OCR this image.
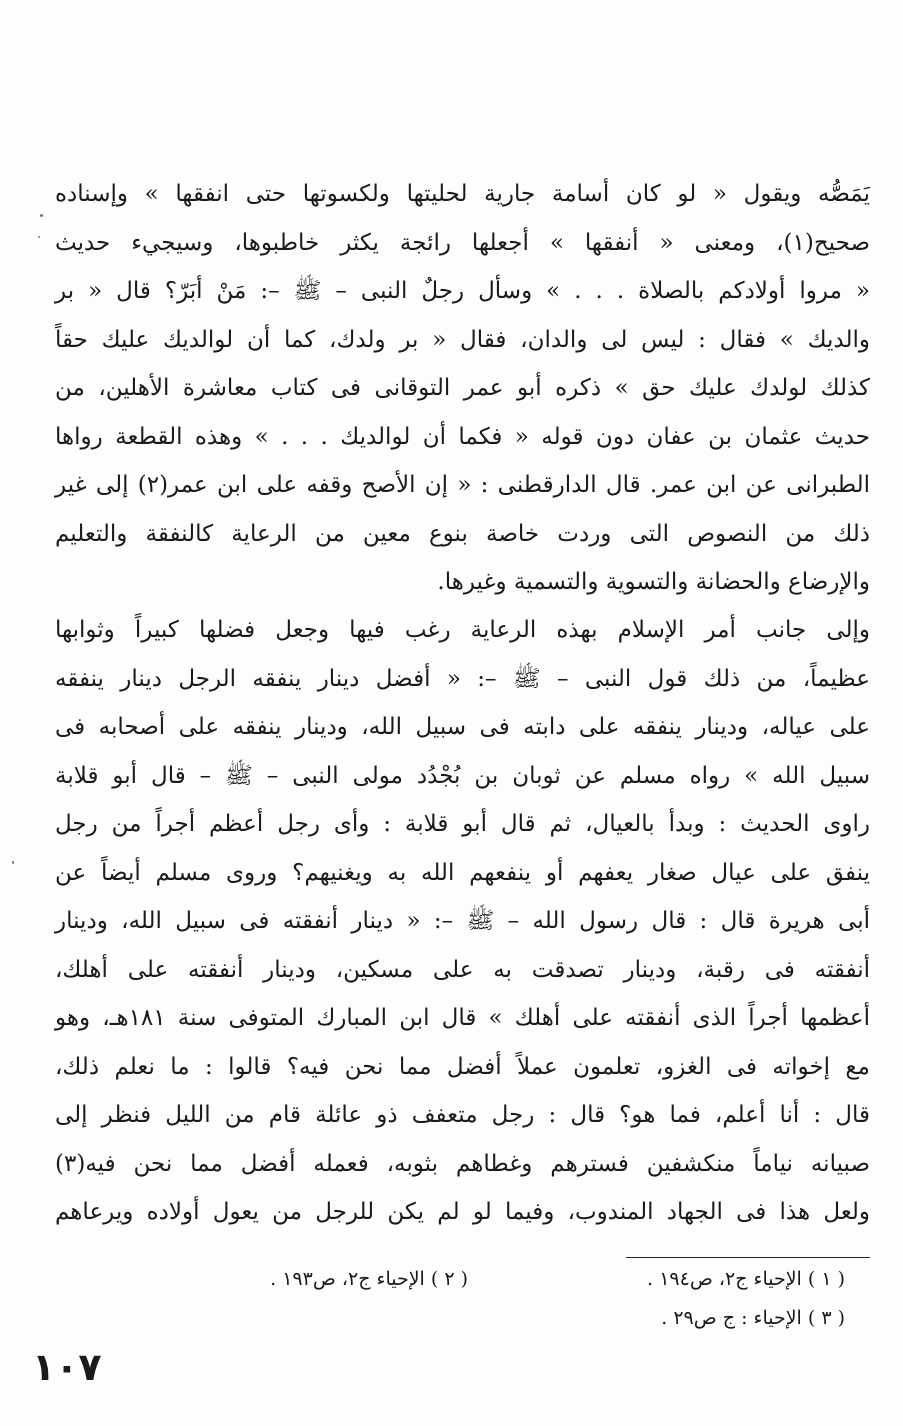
يَمَصُّه ويقول « لو كان أسامة جارية لحليتها ولكسوتها حتى انفقها » وإسناده
صحيح(١)، ومعنى « أنفقها » أجعلها رائجة يكثر خاطبوها، وسيجيء حديث
« مروا أولادكم بالصلاة . . . » وسأل رجلٌ النبى – ﷺ –: مَنْ أبَرّ؟ قال « بر
والديك » فقال : ليس لى والدان، فقال « بر ولدك، كما أن لوالديك عليك حقاً
كذلك لولدك عليك حق » ذكره أبو عمر التوقانى فى كتاب معاشرة الأهلين، من
حديث عثمان بن عفان دون قوله « فكما أن لوالديك . . . » وهذه القطعة رواها
الطبرانى عن ابن عمر. قال الدارقطنى : « إن الأصح وقفه على ابن عمر(٢) إلى غير
ذلك من النصوص التى وردت خاصة بنوع معين من الرعاية كالنفقة والتعليم
والإرضاع والحضانة والتسوية والتسمية وغيرها.
وإلى جانب أمر الإسلام بهذه الرعاية رغب فيها وجعل فضلها كبيراً وثوابها
عظيماً، من ذلك قول النبى – ﷺ –: « أفضل دينار ينفقه الرجل دينار ينفقه
على عياله، ودينار ينفقه على دابته فى سبيل الله، ودينار ينفقه على أصحابه فى
سبيل الله » رواه مسلم عن ثوبان بن بُجْدُد مولى النبى – ﷺ – قال أبو قلابة
راوى الحديث : وبدأ بالعيال، ثم قال أبو قلابة : وأى رجل أعظم أجراً من رجل
ينفق على عيال صغار يعفهم أو ينفعهم الله به ويغنيهم؟ وروى مسلم أيضاً عن
أبى هريرة قال : قال رسول الله – ﷺ –: « دينار أنفقته فى سبيل الله، ودينار
أنفقته فى رقبة، ودينار تصدقت به على مسكين، ودينار أنفقته على أهلك،
أعظمها أجراً الذى أنفقته على أهلك » قال ابن المبارك المتوفى سنة ١٨١هـ، وهو
مع إخواته فى الغزو، تعلمون عملاً أفضل مما نحن فيه؟ قالوا : ما نعلم ذلك،
قال : أنا أعلم، فما هو؟ قال : رجل متعفف ذو عائلة قام من الليل فنظر إلى
صبيانه نياماً منكشفين فسترهم وغطاهم بثوبه، فعمله أفضل مما نحن فيه(٣)
ولعل هذا فى الجهاد المندوب، وفيما لو لم يكن للرجل من يعول أولاده ويرعاهم

( ١ ) الإحياء ج٢، ص١٩٤ .

( ٢ ) الإحياء ج٢، ص١٩٣ .

( ٣ ) الإحياء : ج ص٢٩ .

١٠٧
